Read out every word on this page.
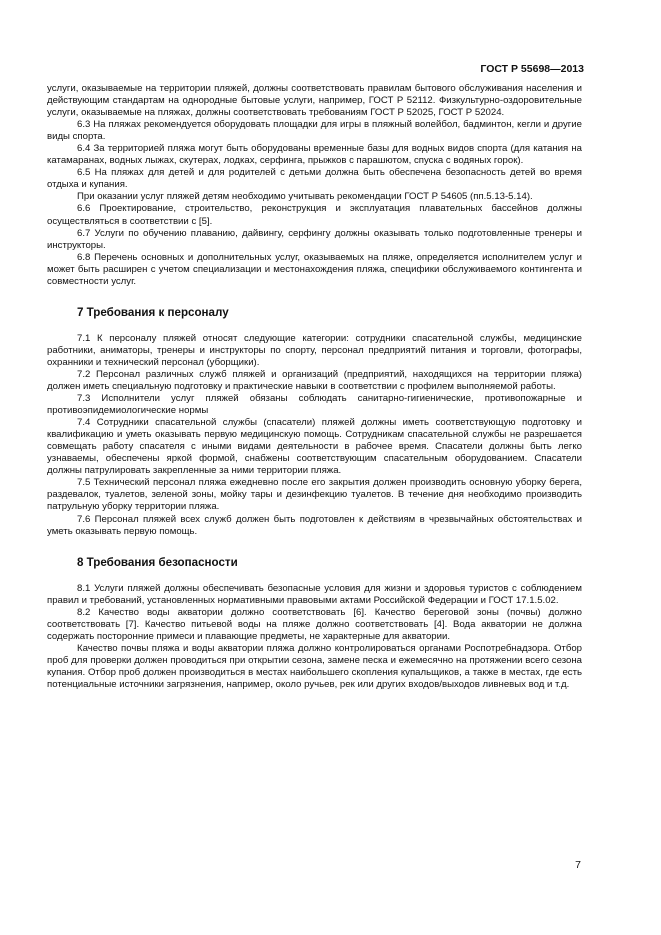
ГОСТ Р 55698—2013

услуги, оказываемые на территории пляжей, должны соответствовать правилам бытового обслуживания населения и действующим стандартам на однородные бытовые услуги, например, ГОСТ Р 52112. Физкультурно-оздоровительные услуги, оказываемые на пляжах, должны соответствовать требованиям ГОСТ Р 52025, ГОСТ Р 52024.

6.3 На пляжах рекомендуется оборудовать площадки для игры в пляжный волейбол, бадминтон, кегли и другие виды спорта.

6.4 За территорией пляжа могут быть оборудованы временные базы для водных видов спорта (для катания на катамаранах, водных лыжах, скутерах, лодках, серфинга, прыжков с парашютом, спуска с водяных горок).

6.5 На пляжах для детей и для родителей с детьми должна быть обеспечена безопасность детей во время отдыха и купания.

При оказании услуг пляжей детям необходимо учитывать рекомендации ГОСТ Р 54605 (пп.5.13-5.14).

6.6 Проектирование, строительство, реконструкция и эксплуатация плавательных бассейнов должны осуществляться в соответствии с [5].

6.7 Услуги по обучению плаванию, дайвингу, серфингу должны оказывать только подготовленные тренеры и инструкторы.

6.8 Перечень основных и дополнительных услуг, оказываемых на пляже, определяется исполнителем услуг и может быть расширен с учетом специализации и местонахождения пляжа, специфики обслуживаемого контингента и совместности услуг.

7 Требования к персоналу

7.1 К персоналу пляжей относят следующие категории: сотрудники спасательной службы, медицинские работники, аниматоры, тренеры и инструкторы по спорту, персонал предприятий питания и торговли, фотографы, охранники и технический персонал (уборщики).

7.2 Персонал различных служб пляжей и организаций (предприятий, находящихся на территории пляжа) должен иметь специальную подготовку и практические навыки в соответствии с профилем выполняемой работы.

7.3 Исполнители услуг пляжей обязаны соблюдать санитарно-гигиенические, противопожарные и противоэпидемиологические нормы

7.4 Сотрудники спасательной службы (спасатели) пляжей должны иметь соответствующую подготовку и квалификацию и уметь оказывать первую медицинскую помощь. Сотрудникам спасательной службы не разрешается совмещать работу спасателя с иными видами деятельности в рабочее время. Спасатели должны быть легко узнаваемы, обеспечены яркой формой, снабжены соответствующим спасательным оборудованием. Спасатели должны патрулировать закрепленные за ними территории пляжа.

7.5 Технический персонал пляжа ежедневно после его закрытия должен производить основную уборку берега, раздевалок, туалетов, зеленой зоны, мойку тары и дезинфекцию туалетов. В течение дня необходимо производить патрульную уборку территории пляжа.

7.6 Персонал пляжей всех служб должен быть подготовлен к действиям в чрезвычайных обстоятельствах и уметь оказывать первую помощь.

8 Требования безопасности

8.1 Услуги пляжей должны обеспечивать безопасные условия для жизни и здоровья туристов с соблюдением правил и требований, установленных нормативными правовыми актами Российской Федерации и ГОСТ 17.1.5.02.

8.2 Качество воды акватории должно соответствовать [6]. Качество береговой зоны (почвы) должно соответствовать [7]. Качество питьевой воды на пляже должно соответствовать [4]. Вода акватории не должна содержать посторонние примеси и плавающие предметы, не характерные для акватории.

Качество почвы пляжа и воды акватории пляжа должно контролироваться органами Роспотребнадзора. Отбор проб для проверки должен проводиться при открытии сезона, замене песка и ежемесячно на протяжении всего сезона купания. Отбор проб должен производиться в местах наибольшего скопления купальщиков, а также в местах, где есть потенциальные источники загрязнения, например, около ручьев, рек или других входов/выходов ливневых вод и т.д.

7
